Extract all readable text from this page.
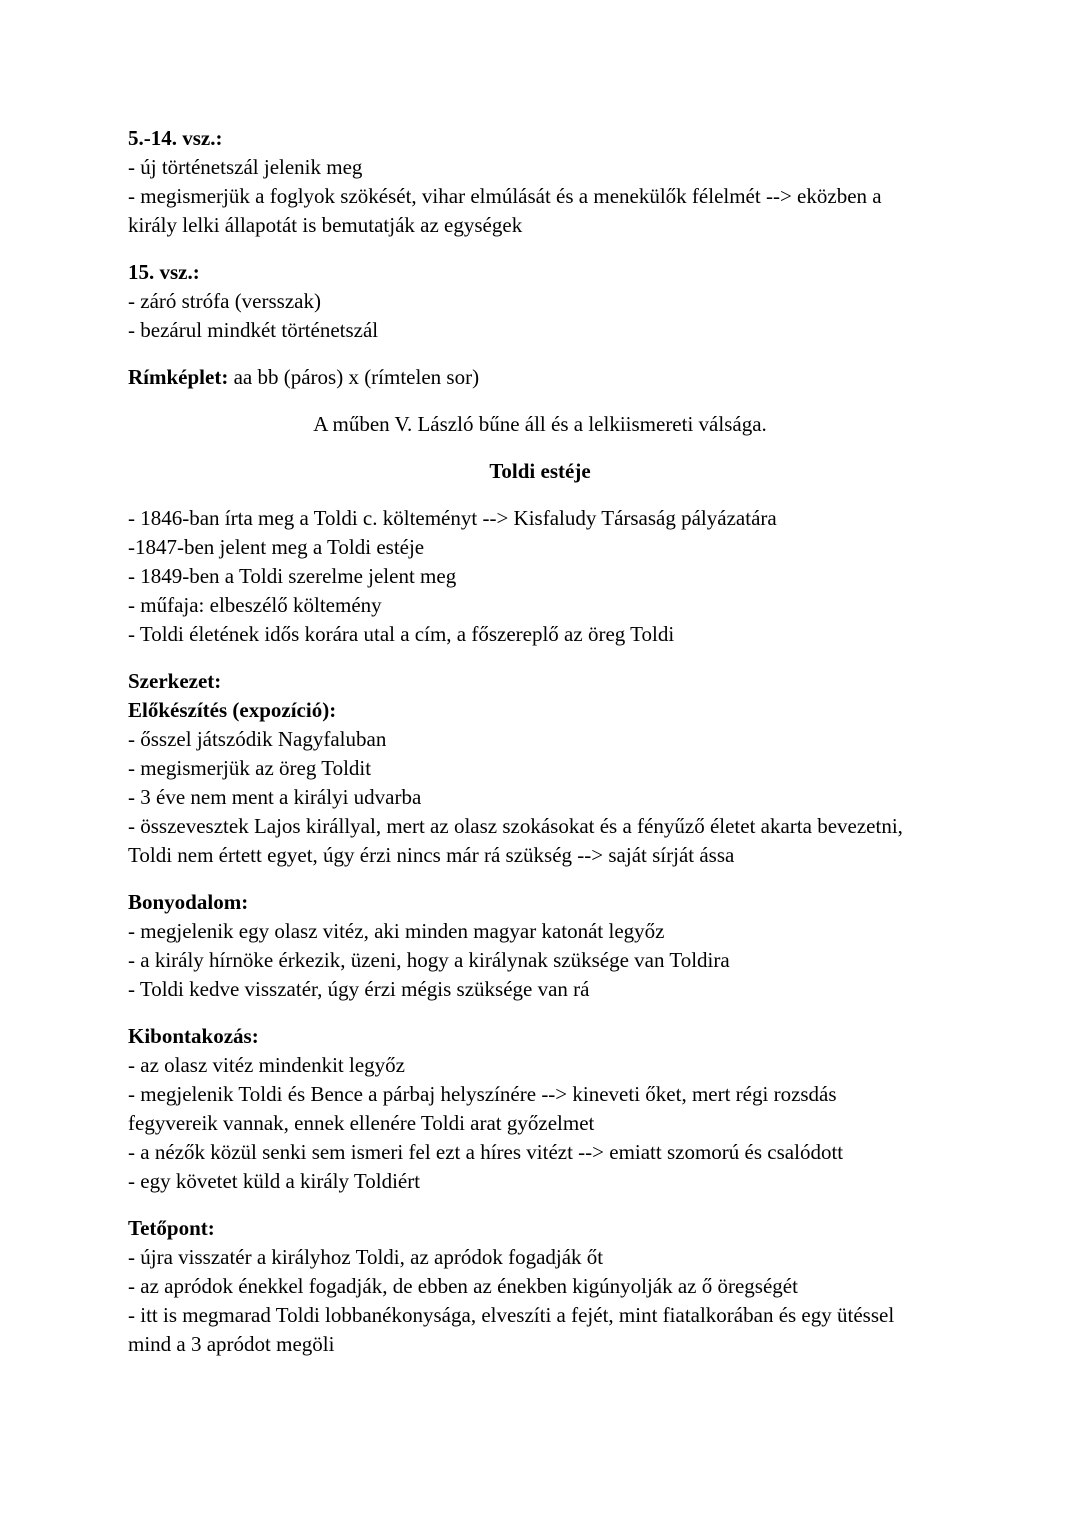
5.-14. vsz.:

- új történetszál jelenik meg
- megismerjük a foglyok szökését, vihar elmúlását és a menekülők félelmét --> eközben a
király lelki állapotát is bemutatják az egységek

15. vsz.:

- záró strófa (versszak)
- bezárul mindkét történetszál
Rímképlet: aa bb (páros) x (rímtelen sor)
A műben V. László bűne áll és a lelkiismereti válsága.
Toldi estéje
- 1846-ban írta meg a Toldi c. költeményt --> Kisfaludy Társaság pályázatára
-1847-ben jelent meg a Toldi estéje
- 1849-ben a Toldi szerelme jelent meg
- műfaja: elbeszélő költemény
- Toldi életének idős korára utal a cím, a főszereplő az öreg Toldi

Szerkezet:

Előkészítés (expozíció):

- ősszel játszódik Nagyfaluban
- megismerjük az öreg Toldit
- 3 éve nem ment a királyi udvarba
- összevesztek Lajos királlyal, mert az olasz szokásokat és a fényűző életet akarta bevezetni,
Toldi nem értett egyet, úgy érzi nincs már rá szükség --> saját sírját ássa

Bonyodalom:

- megjelenik egy olasz vitéz, aki minden magyar katonát legyőz
- a király hírnöke érkezik, üzeni, hogy a királynak szüksége van Toldira
- Toldi kedve visszatér, úgy érzi mégis szüksége van rá

Kibontakozás:

- az olasz vitéz mindenkit legyőz
- megjelenik Toldi és Bence a párbaj helyszínére --> kineveti őket, mert régi rozsdás
fegyvereik vannak, ennek ellenére Toldi arat győzelmet
- a nézők közül senki sem ismeri fel ezt a híres vitézt --> emiatt szomorú és csalódott
- egy követet küld a király Toldiért

Tetőpont:

- újra visszatér a királyhoz Toldi, az apródok fogadják őt
- az apródok énekkel fogadják, de ebben az énekben kigúnyolják az ő öregségét
- itt is megmarad Toldi lobbanékonysága, elveszíti a fejét, mint fiatalkorában és egy ütéssel
mind a 3 apródot megöli
